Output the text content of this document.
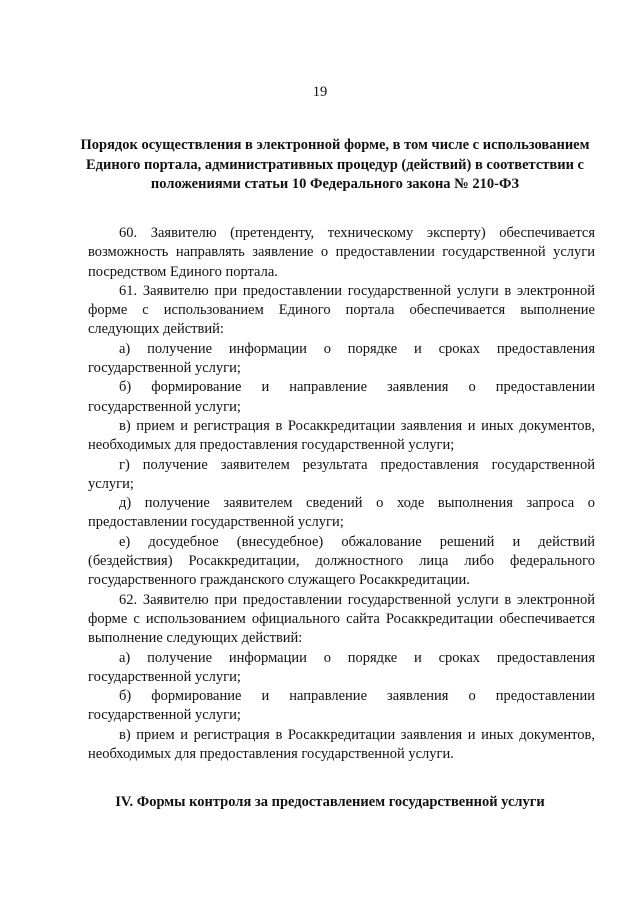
19
Порядок осуществления в электронной форме, в том числе с использованием Единого портала, административных процедур (действий) в соответствии с положениями статьи 10 Федерального закона № 210-ФЗ

60. Заявителю (претенденту, техническому эксперту) обеспечивается возможность направлять заявление о предоставлении государственной услуги посредством Единого портала.

61. Заявителю при предоставлении государственной услуги в электронной форме с использованием Единого портала обеспечивается выполнение следующих действий:

а) получение информации о порядке и сроках предоставления государственной услуги;

б) формирование и направление заявления о предоставлении государственной услуги;

в) прием и регистрация в Росаккредитации заявления и иных документов, необходимых для предоставления государственной услуги;

г) получение заявителем результата предоставления государственной услуги;

д) получение заявителем сведений о ходе выполнения запроса о предоставлении государственной услуги;

е) досудебное (внесудебное) обжалование решений и действий (бездействия) Росаккредитации, должностного лица либо федерального государственного гражданского служащего Росаккредитации.

62. Заявителю при предоставлении государственной услуги в электронной форме с использованием официального сайта Росаккредитации обеспечивается выполнение следующих действий:

а) получение информации о порядке и сроках предоставления государственной услуги;

б) формирование и направление заявления о предоставлении государственной услуги;

в) прием и регистрация в Росаккредитации заявления и иных документов, необходимых для предоставления государственной услуги.

IV. Формы контроля за предоставлением государственной услуги
